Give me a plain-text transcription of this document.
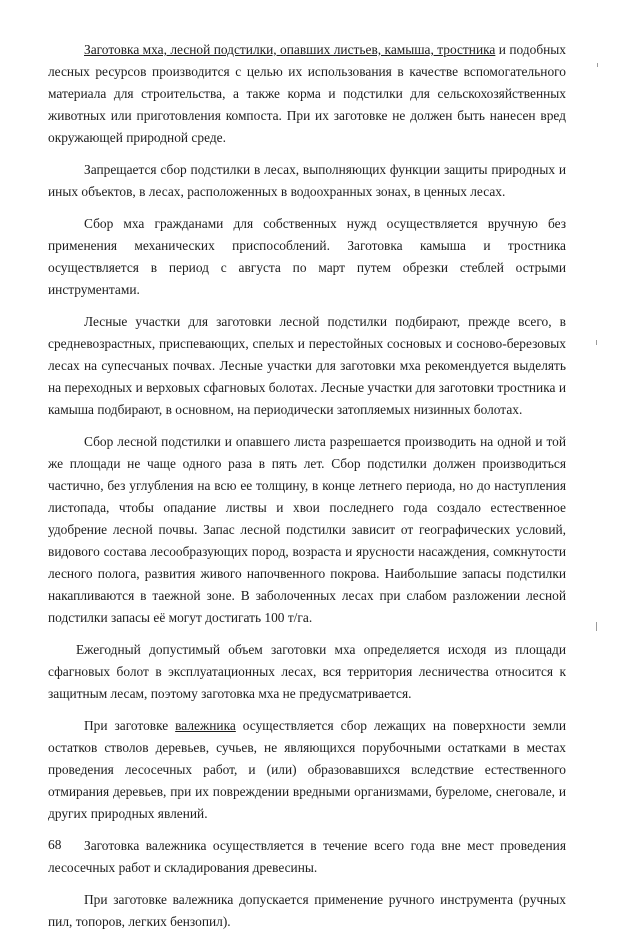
Заготовка мха, лесной подстилки, опавших листьев, камыша, тростника и подобных лесных ресурсов производится с целью их использования в качестве вспомогательного материала для строительства, а также корма и подстилки для сельскохозяйственных животных или приготовления компоста. При их заготовке не должен быть нанесен вред окружающей природной среде.

Запрещается сбор подстилки в лесах, выполняющих функции защиты природных и иных объектов, в лесах, расположенных в водоохранных зонах, в ценных лесах.

Сбор мха гражданами для собственных нужд осуществляется вручную без применения механических приспособлений. Заготовка камыша и тростника осуществляется в период с августа по март путем обрезки стеблей острыми инструментами.

Лесные участки для заготовки лесной подстилки подбирают, прежде всего, в средневозрастных, приспевающих, спелых и перестойных сосновых и сосново-березовых лесах на супесчаных почвах. Лесные участки для заготовки мха рекомендуется выделять на переходных и верховых сфагновых болотах. Лесные участки для заготовки тростника и камыша подбирают, в основном, на периодически затопляемых низинных болотах.

Сбор лесной подстилки и опавшего листа разрешается производить на одной и той же площади не чаще одного раза в пять лет. Сбор подстилки должен производиться частично, без углубления на всю ее толщину, в конце летнего периода, но до наступления листопада, чтобы опадание листвы и хвои последнего года создало естественное удобрение лесной почвы. Запас лесной подстилки зависит от географических условий, видового состава лесообразующих пород, возраста и ярусности насаждения, сомкнутости лесного полога, развития живого напочвенного покрова. Наибольшие запасы подстилки накапливаются в таежной зоне. В заболоченных лесах при слабом разложении лесной подстилки запасы её могут достигать 100 т/га.

Ежегодный допустимый объем заготовки мха определяется исходя из площади сфагновых болот в эксплуатационных лесах, вся территория лесничества относится к защитным лесам, поэтому заготовка мха не предусматривается.

При заготовке валежника осуществляется сбор лежащих на поверхности земли остатков стволов деревьев, сучьев, не являющихся порубочными остатками в местах проведения лесосечных работ, и (или) образовавшихся вследствие естественного отмирания деревьев, при их повреждении вредными организмами, буреломе, снеговале, и других природных явлений.

Заготовка валежника осуществляется в течение всего года вне мест проведения лесосечных работ и складирования древесины.

При заготовке валежника допускается применение ручного инструмента (ручных пил, топоров, легких бензопил).

68
